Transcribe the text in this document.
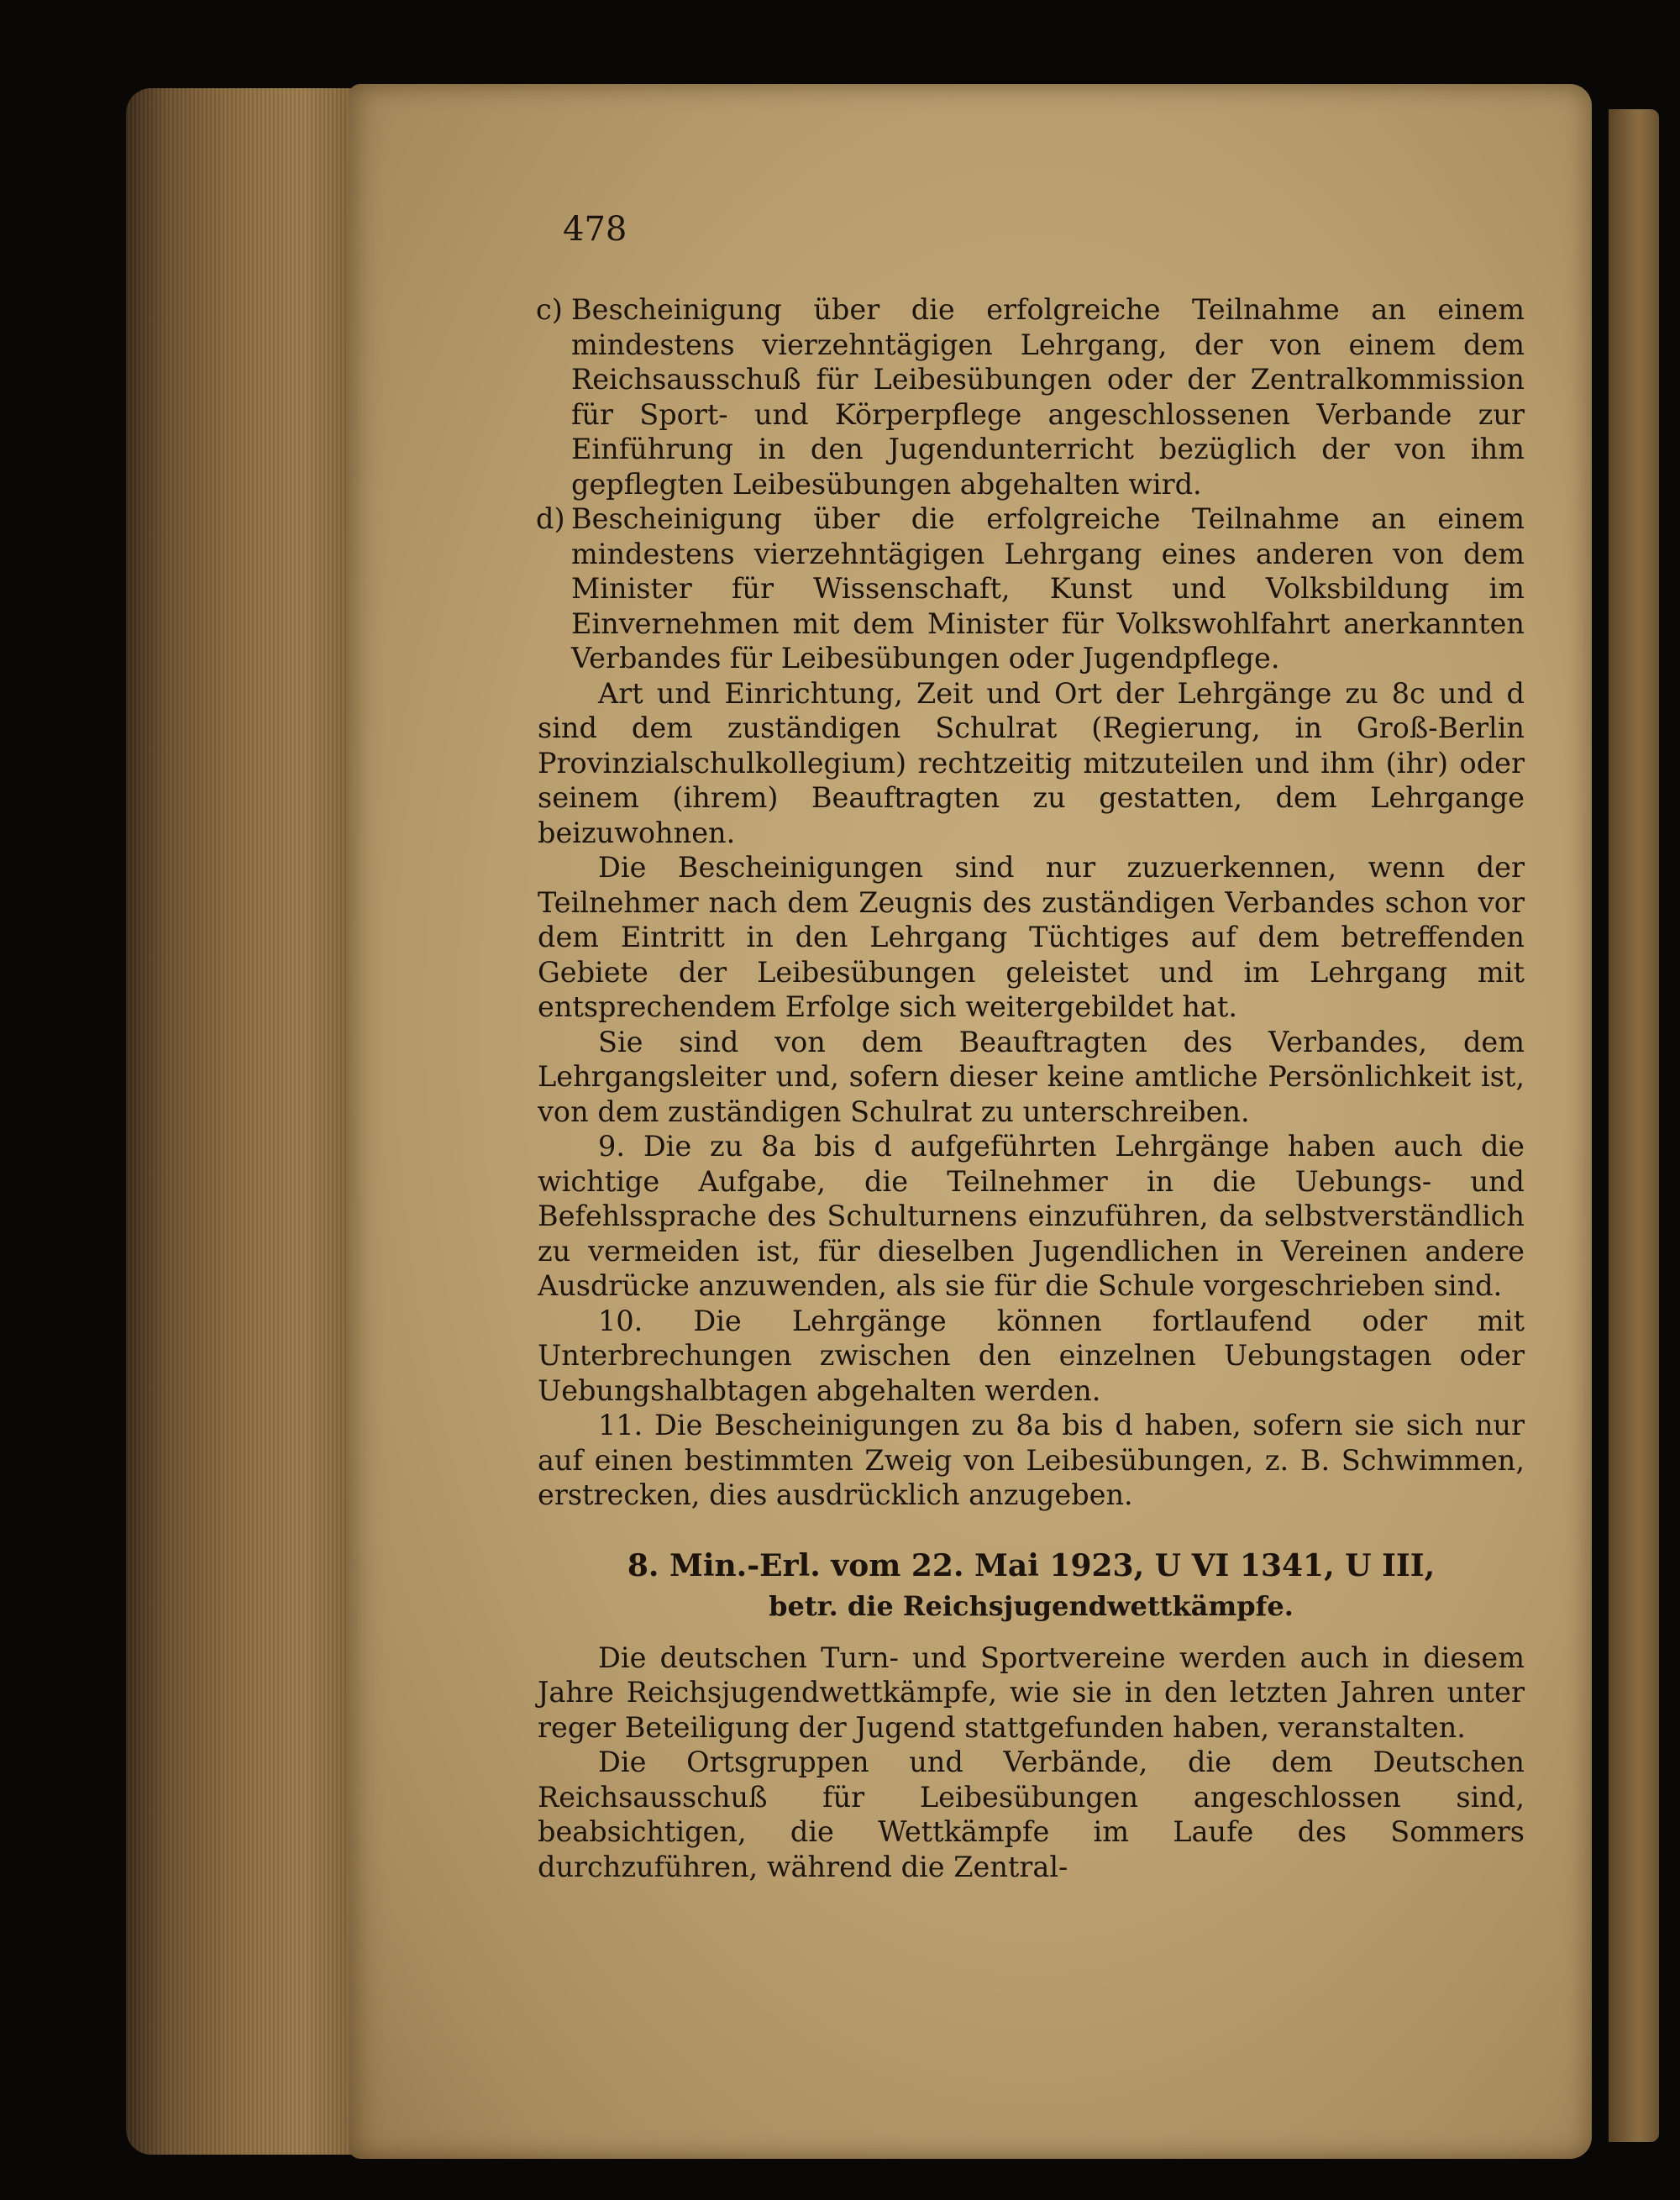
478

c) Bescheinigung über die erfolgreiche Teilnahme an einem mindestens vierzehntägigen Lehrgang, der von einem dem Reichsausschuß für Leibesübungen oder der Zentralkommission für Sport- und Körperpflege angeschlossenen Verbande zur Einführung in den Jugendunterricht bezüglich der von ihm gepflegten Leibesübungen abgehalten wird.

d) Bescheinigung über die erfolgreiche Teilnahme an einem mindestens vierzehntägigen Lehrgang eines anderen von dem Minister für Wissenschaft, Kunst und Volksbildung im Einvernehmen mit dem Minister für Volkswohlfahrt anerkannten Verbandes für Leibesübungen oder Jugendpflege.

Art und Einrichtung, Zeit und Ort der Lehrgänge zu 8c und d sind dem zuständigen Schulrat (Regierung, in Groß-Berlin Provinzialschulkollegium) rechtzeitig mitzuteilen und ihm (ihr) oder seinem (ihrem) Beauftragten zu gestatten, dem Lehrgange beizuwohnen.

Die Bescheinigungen sind nur zuzuerkennen, wenn der Teilnehmer nach dem Zeugnis des zuständigen Verbandes schon vor dem Eintritt in den Lehrgang Tüchtiges auf dem betreffenden Gebiete der Leibesübungen geleistet und im Lehrgang mit entsprechendem Erfolge sich weitergebildet hat.

Sie sind von dem Beauftragten des Verbandes, dem Lehrgangsleiter und, sofern dieser keine amtliche Persönlichkeit ist, von dem zuständigen Schulrat zu unterschreiben.

9. Die zu 8a bis d aufgeführten Lehrgänge haben auch die wichtige Aufgabe, die Teilnehmer in die Uebungs- und Befehlssprache des Schulturnens einzuführen, da selbstverständlich zu vermeiden ist, für dieselben Jugendlichen in Vereinen andere Ausdrücke anzuwenden, als sie für die Schule vorgeschrieben sind.

10. Die Lehrgänge können fortlaufend oder mit Unterbrechungen zwischen den einzelnen Uebungstagen oder Uebungshalbtagen abgehalten werden.

11. Die Bescheinigungen zu 8a bis d haben, sofern sie sich nur auf einen bestimmten Zweig von Leibesübungen, z. B. Schwimmen, erstrecken, dies ausdrücklich anzugeben.

8. Min.-Erl. vom 22. Mai 1923, U VI 1341, U III,

betr. die Reichsjugendwettkämpfe.

Die deutschen Turn- und Sportvereine werden auch in diesem Jahre Reichsjugendwettkämpfe, wie sie in den letzten Jahren unter reger Beteiligung der Jugend stattgefunden haben, veranstalten.

Die Ortsgruppen und Verbände, die dem Deutschen Reichsausschuß für Leibesübungen angeschlossen sind, beabsichtigen, die Wettkämpfe im Laufe des Sommers durchzuführen, während die Zentral-
